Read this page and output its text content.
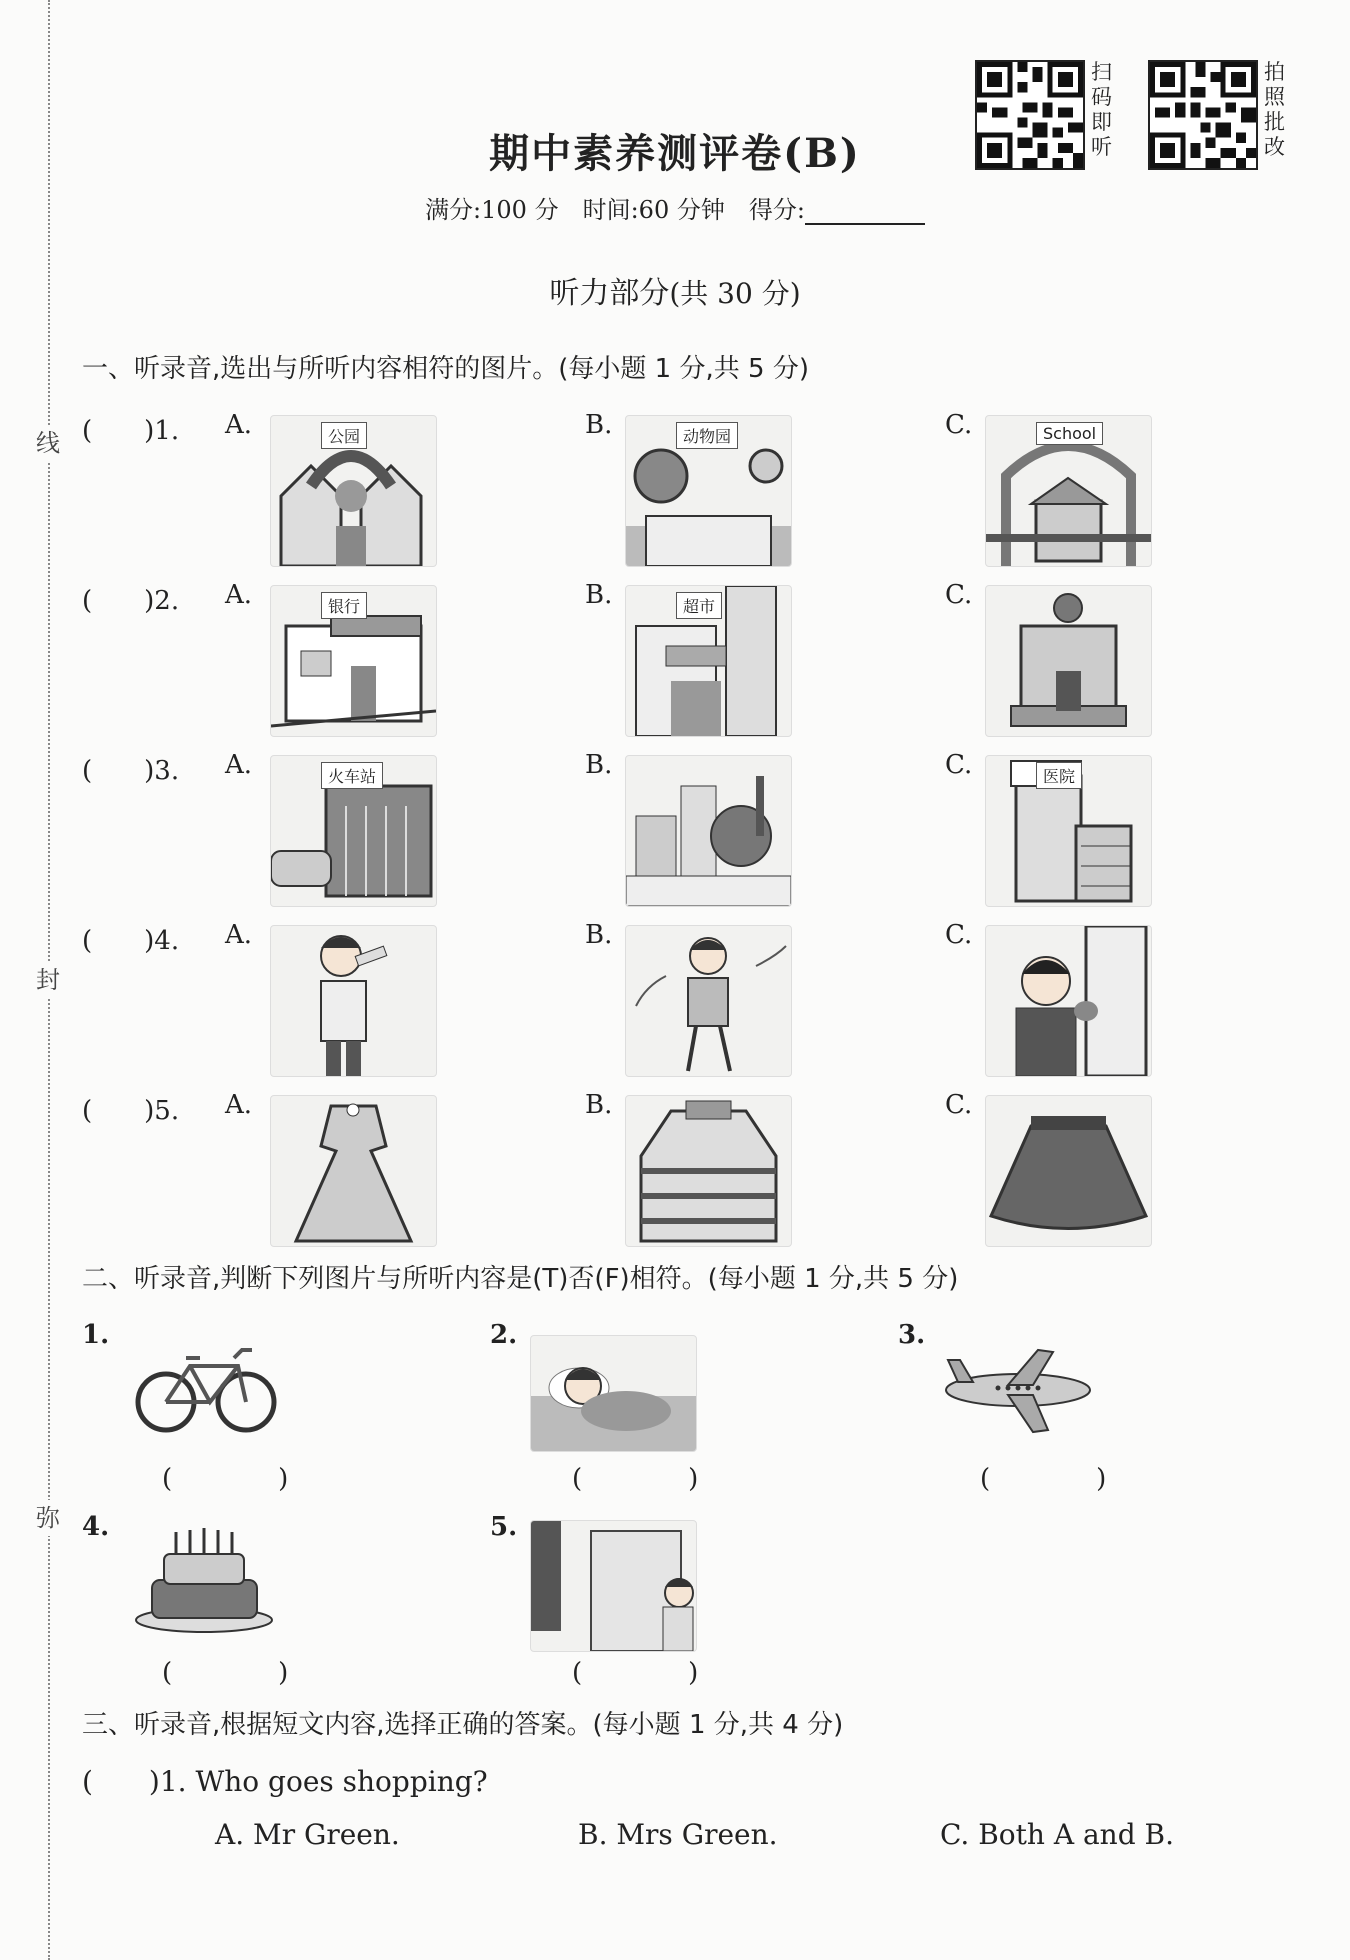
线
封
弥
扫码即听
拍照批改
期中素养测评卷(B)
满分:100 分　时间:60 分钟　得分:
听力部分(共 30 分)
一、听录音,选出与所听内容相符的图片。(每小题 1 分,共 5 分)
(　　)1. A.	公园	B.	动物园	C.	School
(　　)2. A.	银行	B.	超市	C.
(　　)3. A.	火车站	B.	C.	医院
(　　)4. A.	B.	C.
(　　)5. A.	B.	C.
二、听录音,判断下列图片与所听内容是(T)否(F)相符。(每小题 1 分,共 5 分)
1.
(　)
2.
(　)
3.
(　)
4.
(　)
5.
(　)
三、听录音,根据短文内容,选择正确的答案。(每小题 1 分,共 4 分)
(　　)1. Who goes shopping?
A. Mr Green.	B. Mrs Green.	C. Both A and B.
